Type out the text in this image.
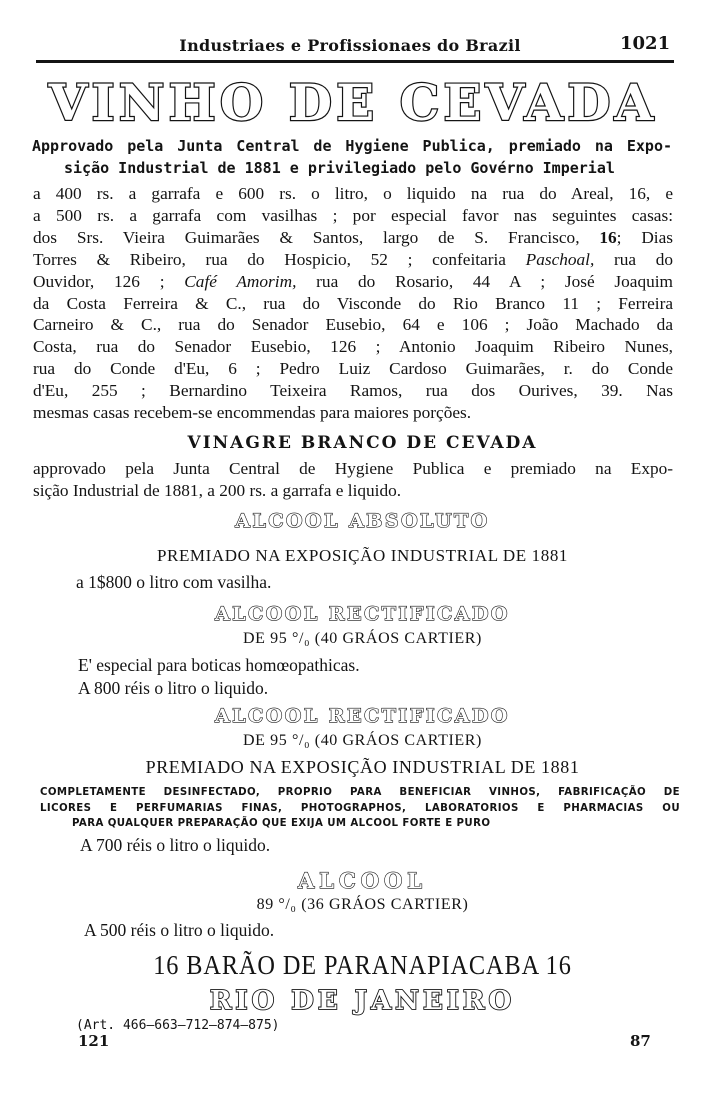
Industriaes e Profissionaes do Brazil	1021
VINHO DE CEVADA
Approvado pela Junta Central de Hygiene Publica, premiado na Expo-
sição Industrial de 1881 e privilegiado pelo Govérno Imperial
a 400 rs. a garrafa e 600 rs. o litro, o liquido na rua do Areal, 16, e
a 500 rs. a garrafa com vasilhas ; por especial favor nas seguintes casas:
dos Srs. Vieira Guimarães & Santos, largo de S. Francisco, 16; Dias
Torres & Ribeiro, rua do Hospicio, 52 ; confeitaria Paschoal, rua do
Ouvidor, 126 ; Café Amorim, rua do Rosario, 44 A ; José Joaquim
da Costa Ferreira & C., rua do Visconde do Rio Branco 11 ; Ferreira
Carneiro & C., rua do Senador Eusebio, 64 e 106 ; João Machado da
Costa, rua do Senador Eusebio, 126 ; Antonio Joaquim Ribeiro Nunes,
rua do Conde d'Eu, 6 ; Pedro Luiz Cardoso Guimarães, r. do Conde
d'Eu, 255 ; Bernardino Teixeira Ramos, rua dos Ourives, 39. Nas
mesmas casas recebem-se encommendas para maiores porções.
VINAGRE BRANCO DE CEVADA
approvado pela Junta Central de Hygiene Publica e premiado na Expo-
sição Industrial de 1881, a 200 rs. a garrafa e liquido.
ALCOOL ABSOLUTO
PREMIADO NA EXPOSIÇÃO INDUSTRIAL DE 1881
a 1$800 o litro com vasilha.
ALCOOL RECTIFICADO
DE 95 °/₀ (40 GRÁOS CARTIER)
E' especial para boticas homœopathicas.
A 800 réis o litro o liquido.
ALCOOL RECTIFICADO
DE 95 °/₀ (40 GRÁOS CARTIER)
PREMIADO NA EXPOSIÇÃO INDUSTRIAL DE 1881
COMPLETAMENTE DESINFECTADO, PROPRIO PARA BENEFICIAR VINHOS, FABRIFICAÇÃO DE
LICORES E PERFUMARIAS FINAS, PHOTOGRAPHOS, LABORATORIOS E PHARMACIAS OU
PARA QUALQUER PREPARAÇÃO QUE EXIJA UM ALCOOL FORTE E PURO
A 700 réis o litro o liquido.
ALCOOL
89 °/₀ (36 GRÁOS CARTIER)
A 500 réis o litro o liquido.
16 BARÃO DE PARANAPIACABA 16
RIO DE JANEIRO
(Art. 466—663—712—874—875)
121	87
